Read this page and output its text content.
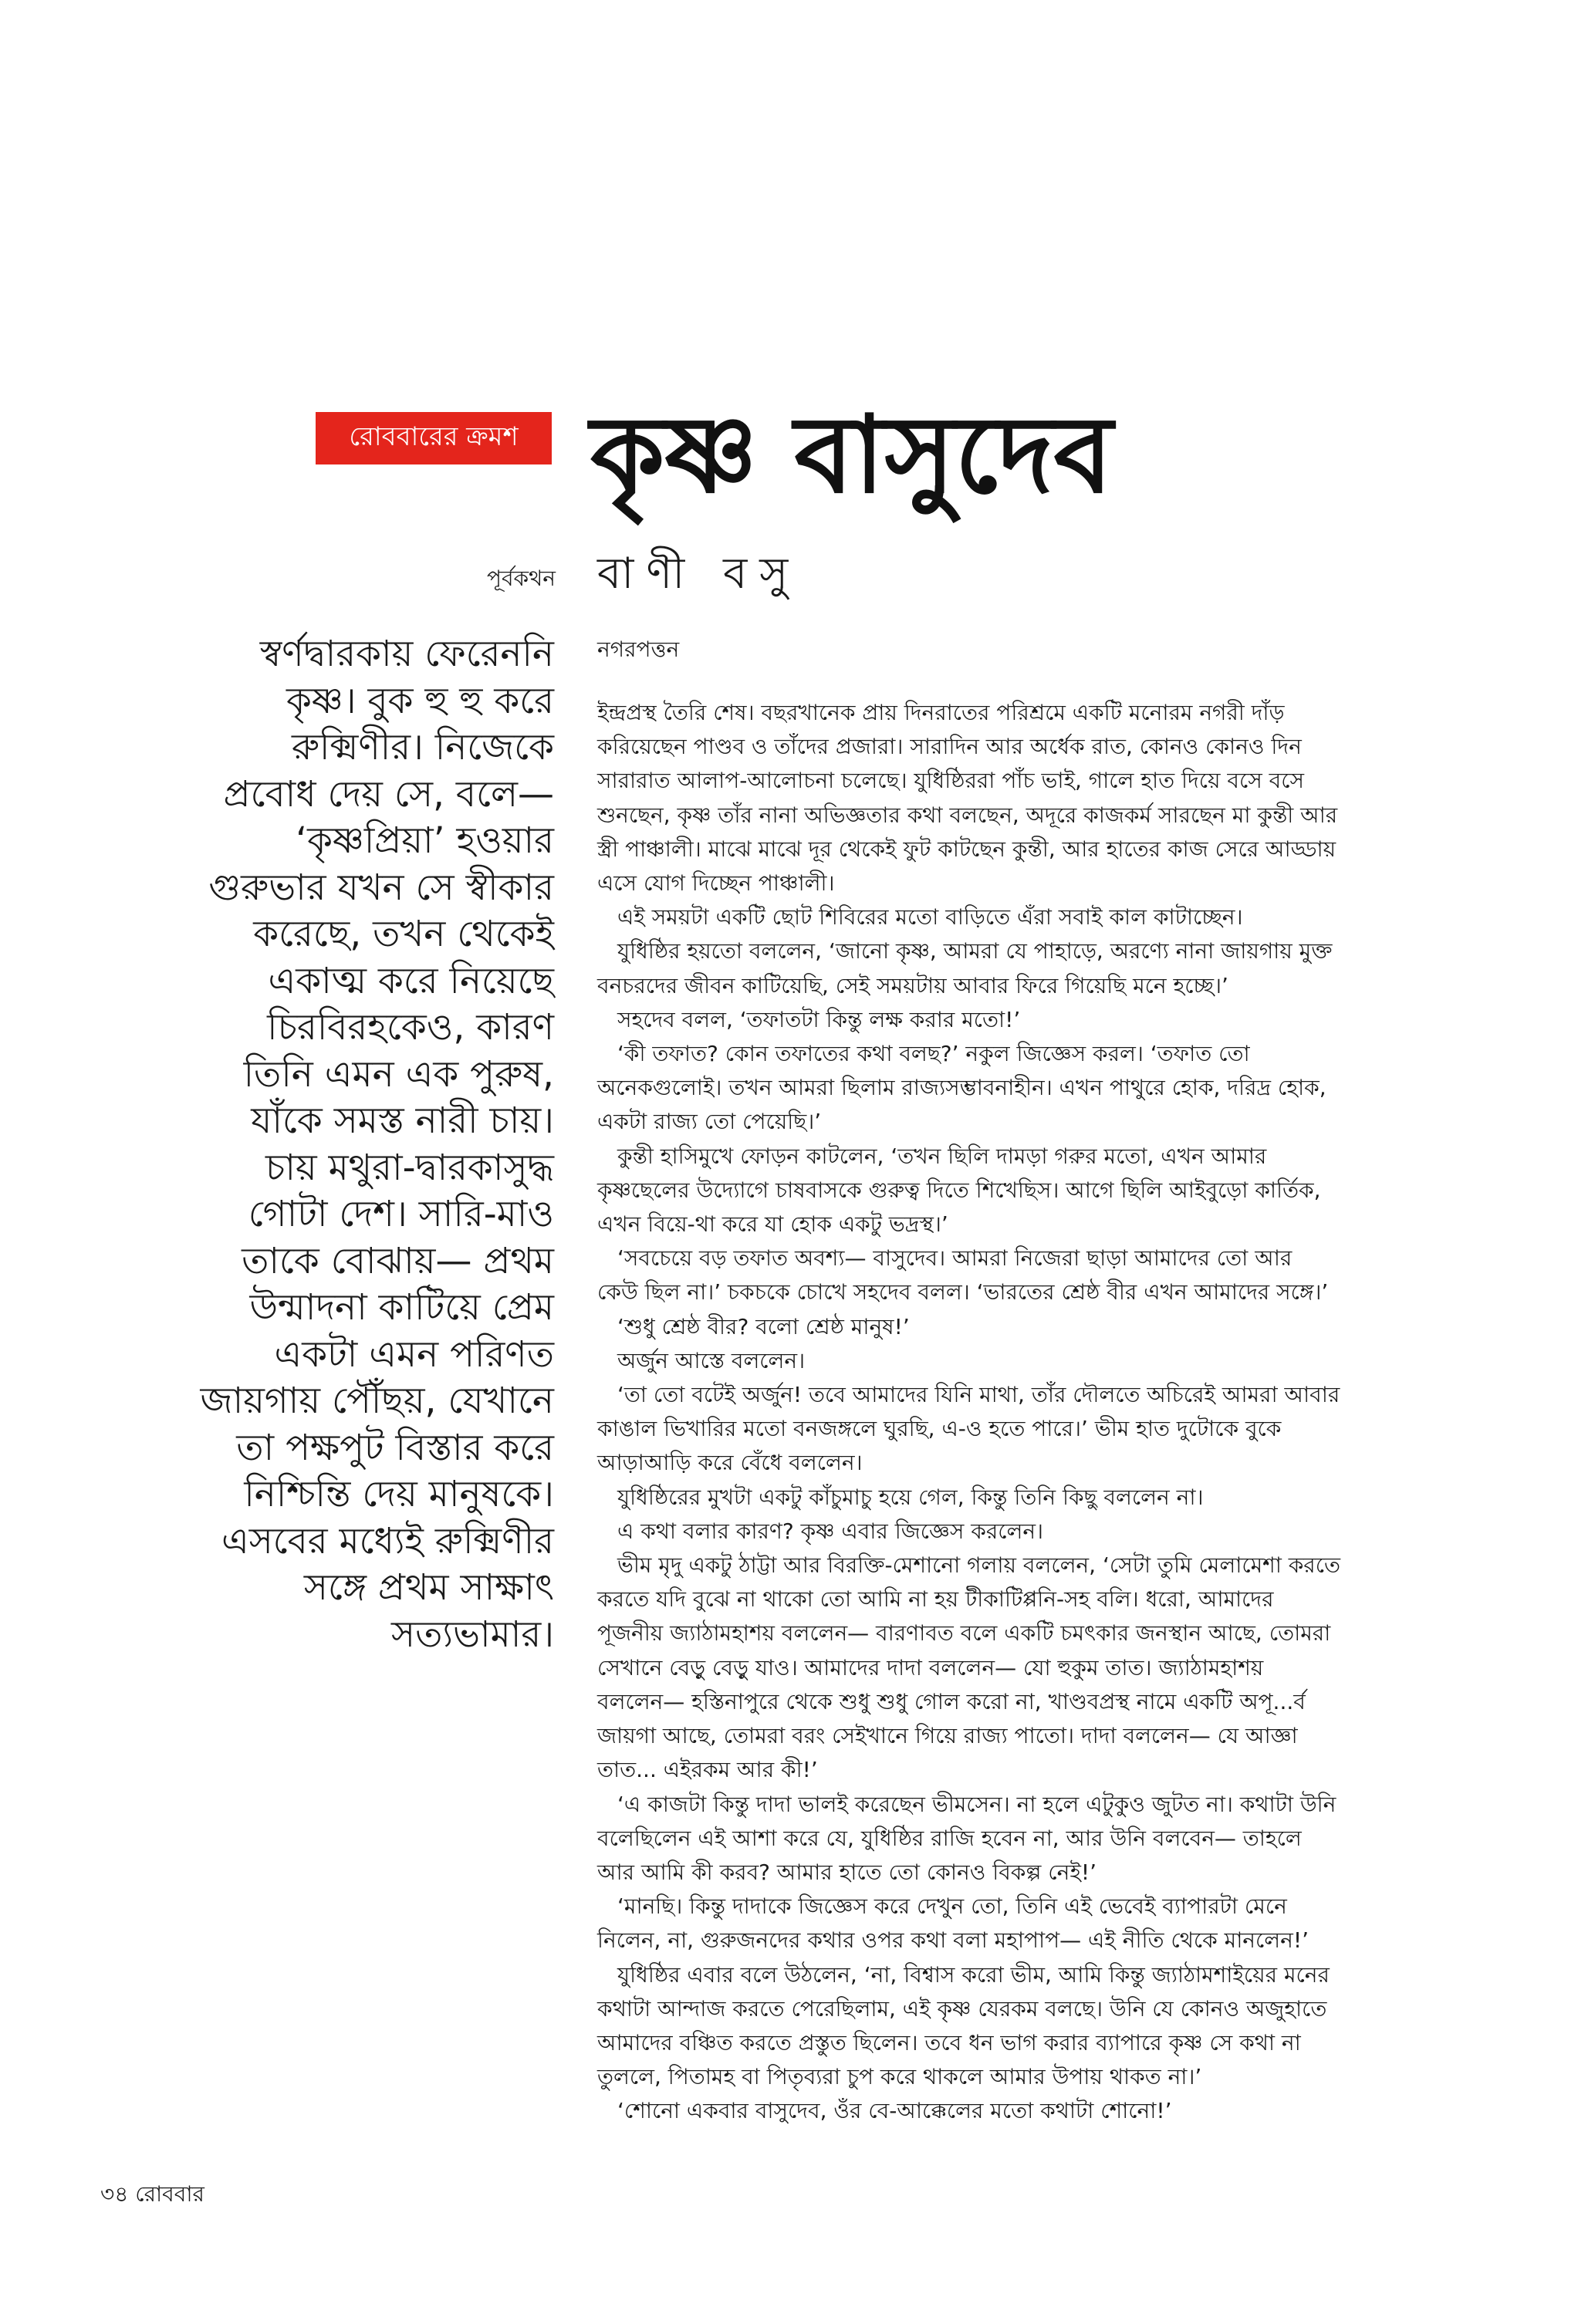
রোববারের ক্রমশ কৃষ্ণ বাসুদেব
পূর্বকথন বাণী বসু
নগরপত্তন
স্বর্ণদ্বারকায় ফেরেননি
কৃষ্ণ। বুক হু হু করে
রুক্মিণীর। নিজেকে
প্রবোধ দেয় সে, বলে—
‘কৃষ্ণপ্রিয়া’ হওয়ার
গুরুভার যখন সে স্বীকার
করেছে, তখন থেকেই
একাত্ম করে নিয়েছে
চিরবিরহকেও, কারণ
তিনি এমন এক পুরুষ,
যাঁকে সমস্ত নারী চায়।
চায় মথুরা-দ্বারকাসুদ্ধ
গোটা দেশ। সারি-মাও
তাকে বোঝায়— প্রথম
উন্মাদনা কাটিয়ে প্রেম
একটা এমন পরিণত
জায়গায় পৌঁছয়, যেখানে
তা পক্ষপুট বিস্তার করে
নিশ্চিন্তি দেয় মানুষকে।
এসবের মধ্যেই রুক্মিণীর
সঙ্গে প্রথম সাক্ষাৎ
সত্যভামার।
ইন্দ্রপ্রস্থ তৈরি শেষ। বছরখানেক প্রায় দিনরাতের পরিশ্রমে একটি মনোরম নগরী দাঁড়
করিয়েছেন পাণ্ডব ও তাঁদের প্রজারা। সারাদিন আর অর্ধেক রাত, কোনও কোনও দিন
সারারাত আলাপ-আলোচনা চলেছে। যুধিষ্ঠিররা পাঁচ ভাই, গালে হাত দিয়ে বসে বসে
শুনছেন, কৃষ্ণ তাঁর নানা অভিজ্ঞতার কথা বলছেন, অদূরে কাজকর্ম সারছেন মা কুন্তী আর
স্ত্রী পাঞ্চালী। মাঝে মাঝে দূর থেকেই ফুট কাটছেন কুন্তী, আর হাতের কাজ সেরে আড্ডায়
এসে যোগ দিচ্ছেন পাঞ্চালী।
এই সময়টা একটি ছোট শিবিরের মতো বাড়িতে এঁরা সবাই কাল কাটাচ্ছেন।
যুধিষ্ঠির হয়তো বললেন, ‘জানো কৃষ্ণ, আমরা যে পাহাড়ে, অরণ্যে নানা জায়গায় মুক্ত
বনচরদের জীবন কাটিয়েছি, সেই সময়টায় আবার ফিরে গিয়েছি মনে হচ্ছে।’
সহদেব বলল, ‘তফাতটা কিন্তু লক্ষ করার মতো!’
‘কী তফাত? কোন তফাতের কথা বলছ?’ নকুল জিজ্ঞেস করল। ‘তফাত তো
অনেকগুলোই। তখন আমরা ছিলাম রাজ্যসম্ভাবনাহীন। এখন পাথুরে হোক, দরিদ্র হোক,
একটা রাজ্য তো পেয়েছি।’
কুন্তী হাসিমুখে ফোড়ন কাটলেন, ‘তখন ছিলি দামড়া গরুর মতো, এখন আমার
কৃষ্ণছেলের উদ্যোগে চাষবাসকে গুরুত্ব দিতে শিখেছিস। আগে ছিলি আইবুড়ো কার্তিক,
এখন বিয়ে-থা করে যা হোক একটু ভদ্রস্থ।’
‘সবচেয়ে বড় তফাত অবশ্য— বাসুদেব। আমরা নিজেরা ছাড়া আমাদের তো আর
কেউ ছিল না।’ চকচকে চোখে সহদেব বলল। ‘ভারতের শ্রেষ্ঠ বীর এখন আমাদের সঙ্গে।’
‘শুধু শ্রেষ্ঠ বীর? বলো শ্রেষ্ঠ মানুষ!’
অর্জুন আস্তে বললেন।
‘তা তো বটেই অর্জুন! তবে আমাদের যিনি মাথা, তাঁর দৌলতে অচিরেই আমরা আবার
কাঙাল ভিখারির মতো বনজঙ্গলে ঘুরছি, এ-ও হতে পারে।’ ভীম হাত দুটোকে বুকে
আড়াআড়ি করে বেঁধে বললেন।
যুধিষ্ঠিরের মুখটা একটু কাঁচুমাচু হয়ে গেল, কিন্তু তিনি কিছু বললেন না।
এ কথা বলার কারণ? কৃষ্ণ এবার জিজ্ঞেস করলেন।
ভীম মৃদু একটু ঠাট্টা আর বিরক্তি-মেশানো গলায় বললেন, ‘সেটা তুমি মেলামেশা করতে
করতে যদি বুঝে না থাকো তো আমি না হয় টীকাটিপ্পনি-সহ বলি। ধরো, আমাদের
পূজনীয় জ্যাঠামহাশয় বললেন— বারণাবত বলে একটি চমৎকার জনস্থান আছে, তোমরা
সেখানে বেড়ু বেড়ু যাও। আমাদের দাদা বললেন— যো হুকুম তাত। জ্যাঠামহাশয়
বললেন— হস্তিনাপুরে থেকে শুধু শুধু গোল করো না, খাণ্ডবপ্রস্থ নামে একটি অপূ...র্ব
জায়গা আছে, তোমরা বরং সেইখানে গিয়ে রাজ্য পাতো। দাদা বললেন— যে আজ্ঞা
তাত... এইরকম আর কী!’
‘এ কাজটা কিন্তু দাদা ভালই করেছেন ভীমসেন। না হলে এটুকুও জুটত না। কথাটা উনি
বলেছিলেন এই আশা করে যে, যুধিষ্ঠির রাজি হবেন না, আর উনি বলবেন— তাহলে
আর আমি কী করব? আমার হাতে তো কোনও বিকল্প নেই!’
‘মানছি। কিন্তু দাদাকে জিজ্ঞেস করে দেখুন তো, তিনি এই ভেবেই ব্যাপারটা মেনে
নিলেন, না, গুরুজনদের কথার ওপর কথা বলা মহাপাপ— এই নীতি থেকে মানলেন!’
যুধিষ্ঠির এবার বলে উঠলেন, ‘না, বিশ্বাস করো ভীম, আমি কিন্তু জ্যাঠামশাইয়ের মনের
কথাটা আন্দাজ করতে পেরেছিলাম, এই কৃষ্ণ যেরকম বলছে। উনি যে কোনও অজুহাতে
আমাদের বঞ্চিত করতে প্রস্তুত ছিলেন। তবে ধন ভাগ করার ব্যাপারে কৃষ্ণ সে কথা না
তুললে, পিতামহ বা পিতৃব্যরা চুপ করে থাকলে আমার উপায় থাকত না।’
‘শোনো একবার বাসুদেব, ওঁর বে-আক্কেলের মতো কথাটা শোনো!’
৩৪ রোববার
